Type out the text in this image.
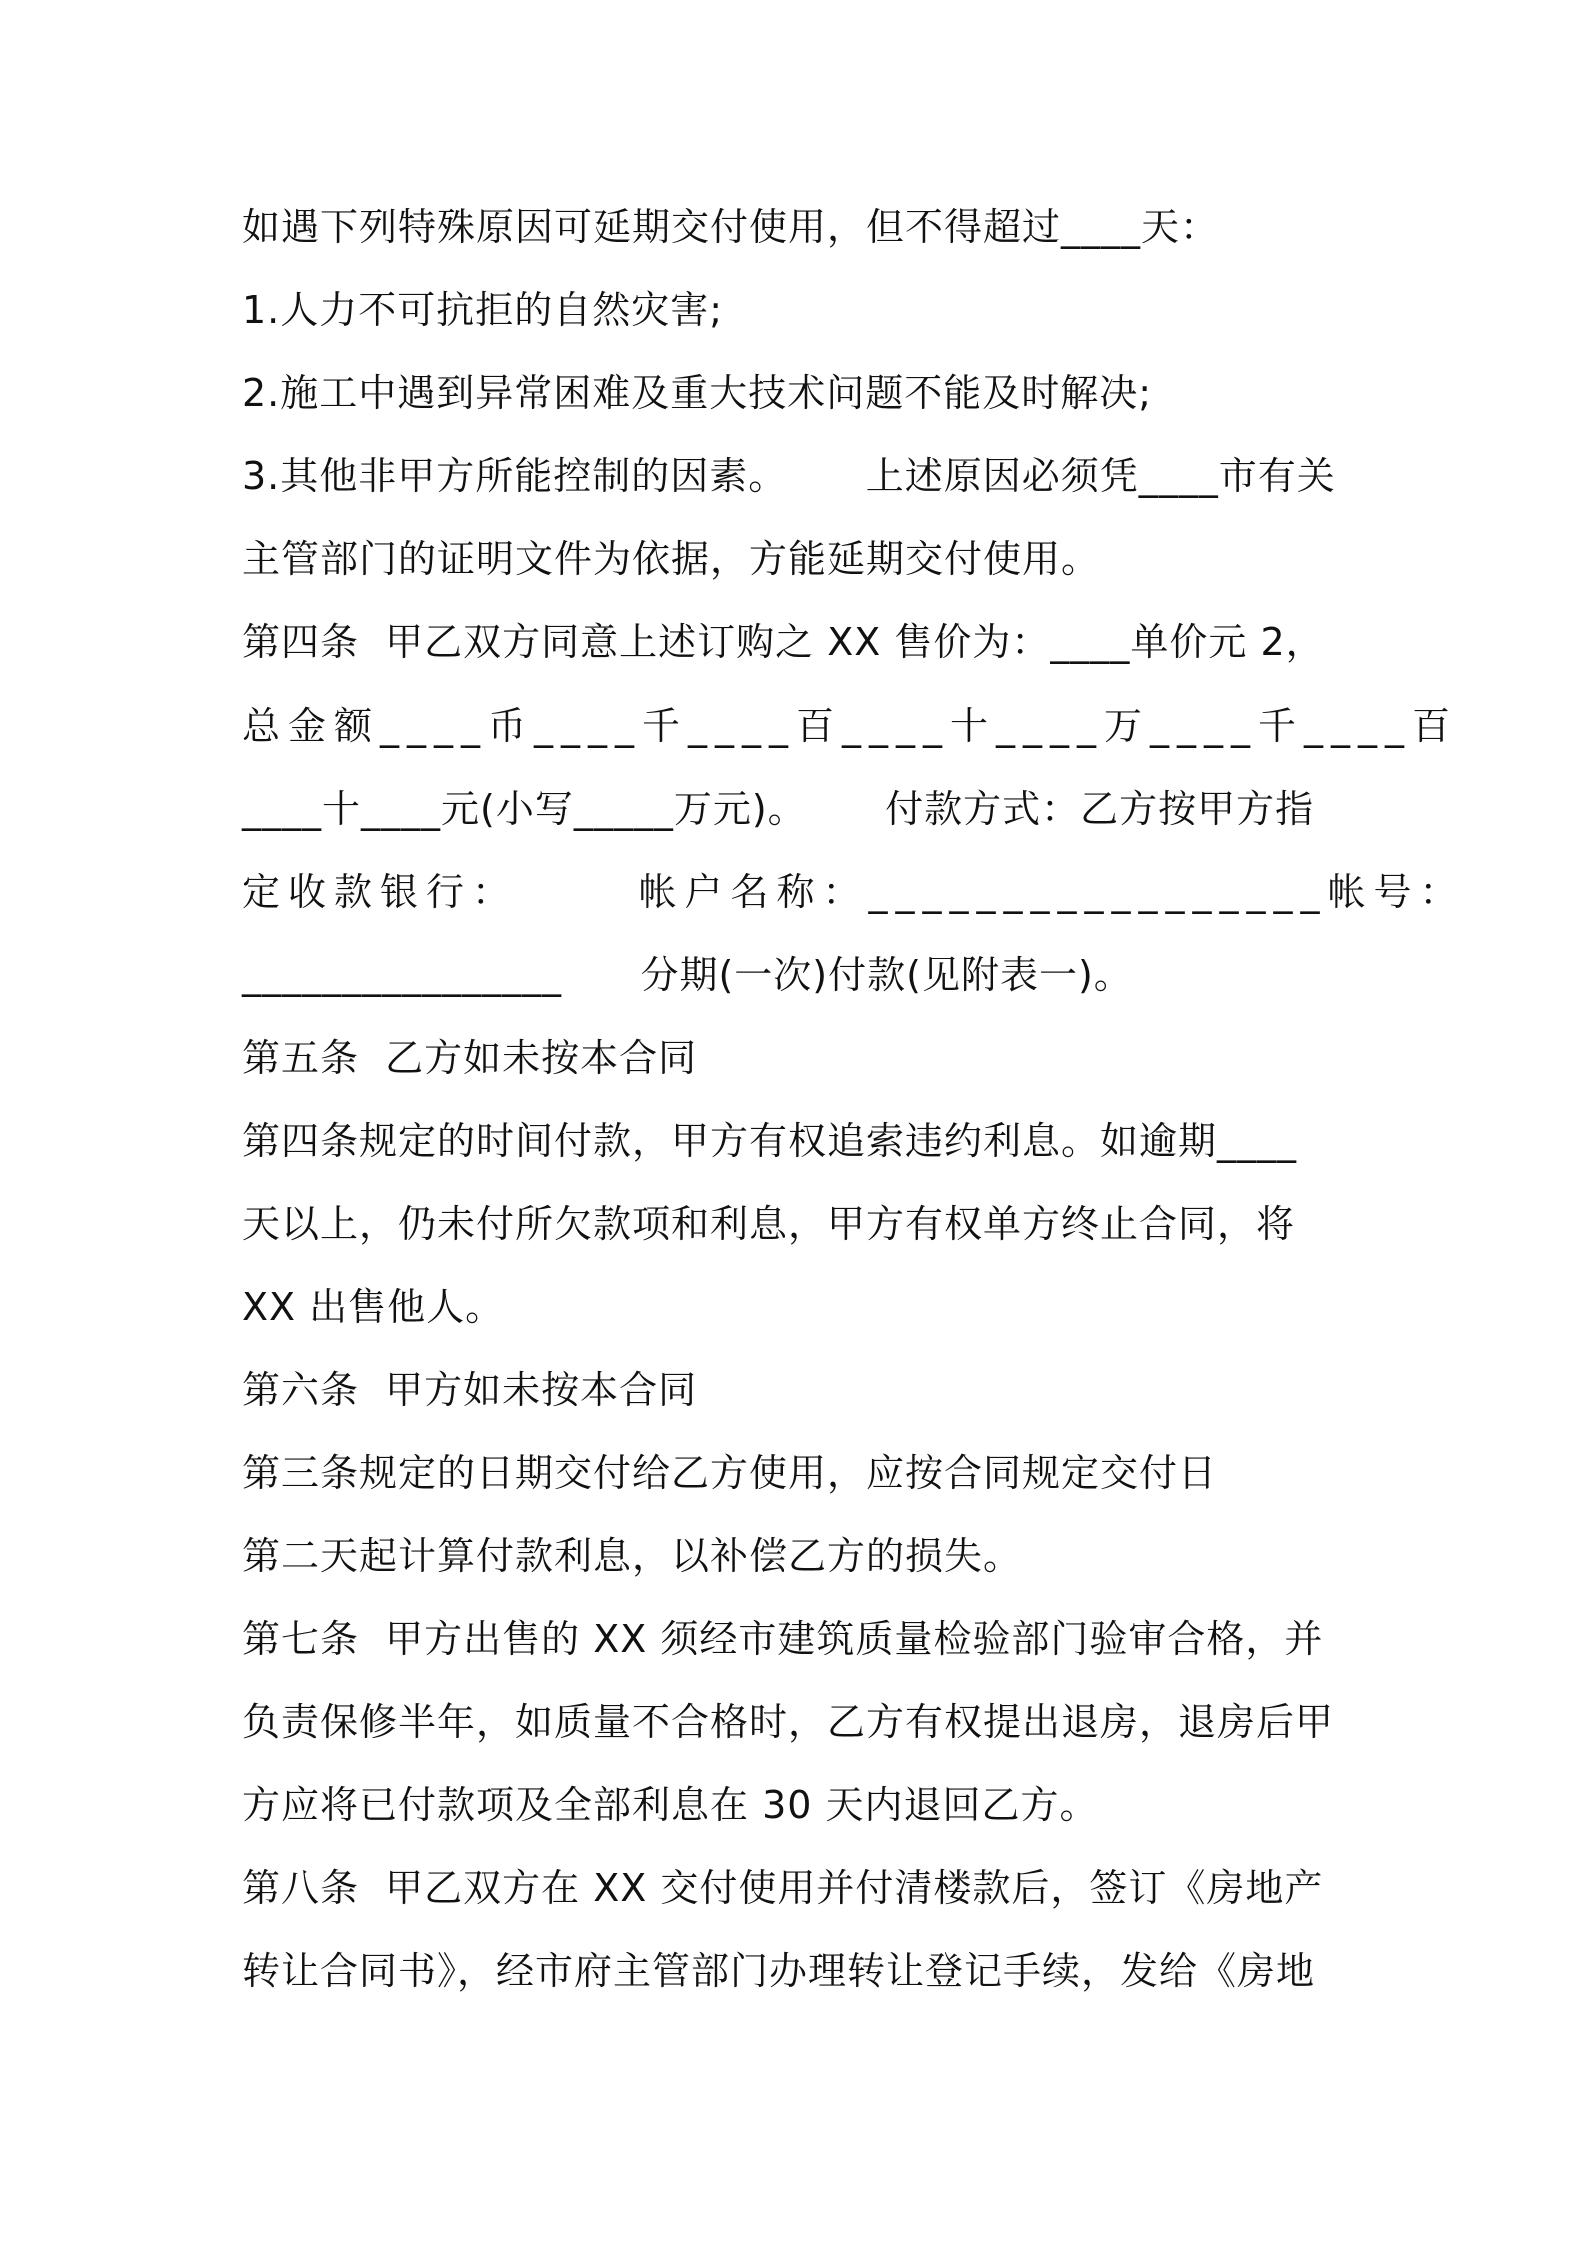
如遇下列特殊原因可延期交付使用，但不得超过____天：

1.人力不可抗拒的自然灾害;

2.施工中遇到异常困难及重大技术问题不能及时解决;

3.其他非甲方所能控制的因素。      上述原因必须凭____市有关

主管部门的证明文件为依据，方能延期交付使用。

第四条  甲乙双方同意上述订购之 XX 售价为：____单价元 2，

总金额____币____千____百____十____万____千____百

____十____元(小写_____万元)。      付款方式：乙方按甲方指

定收款银行：      帐户名称：_________________帐号：

________________      分期(一次)付款(见附表一)。

第五条  乙方如未按本合同

第四条规定的时间付款，甲方有权追索违约利息。如逾期____

天以上，仍未付所欠款项和利息，甲方有权单方终止合同，将

XX 出售他人。

第六条  甲方如未按本合同

第三条规定的日期交付给乙方使用，应按合同规定交付日

第二天起计算付款利息，以补偿乙方的损失。

第七条  甲方出售的 XX 须经市建筑质量检验部门验审合格，并

负责保修半年，如质量不合格时，乙方有权提出退房，退房后甲

方应将已付款项及全部利息在 30 天内退回乙方。

第八条  甲乙双方在 XX 交付使用并付清楼款后，签订《房地产

转让合同书》，经市府主管部门办理转让登记手续，发给《房地
